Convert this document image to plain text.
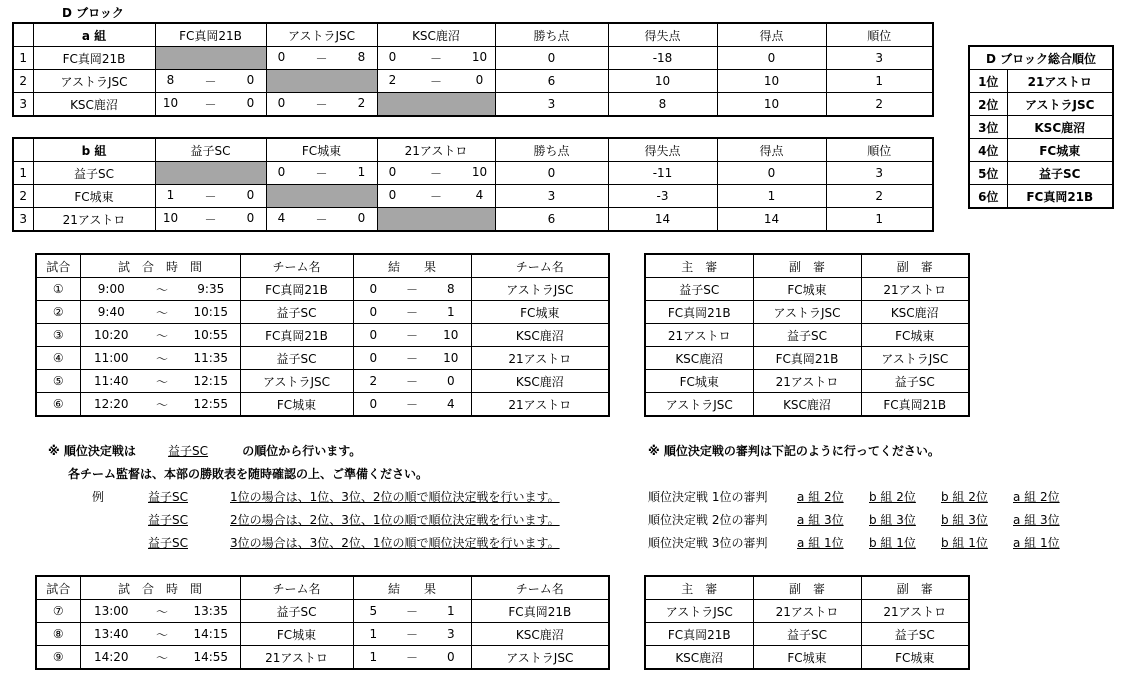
D ブロック
	a 組	FC真岡21B	アストラJSC	KSC鹿沼	勝ち点	得失点	得点	順位
1	FC真岡21B		0 － 8	0 － 10	0	-18	0	3
2	アストラJSC	8 － 0		2 － 0	6	10	10	1
3	KSC鹿沼	10 － 0	0 － 2		3	8	10	2
	b 組	益子SC	FC城東	21アストロ	勝ち点	得失点	得点	順位
1	益子SC		0 － 1	0 － 10	0	-11	0	3
2	FC城東	1 － 0		0 － 4	3	-3	1	2
3	21アストロ	10 － 0	4 － 0		6	14	14	1
D ブロック総合順位	
1位	21アストロ
2位	アストラJSC
3位	KSC鹿沼
4位	FC城東
5位	益子SC
6位	FC真岡21B
試合	試　合　時　間			チーム名	結　　果			チーム名
①	9:00	～	9:35	FC真岡21B	0	－	8	アストラJSC
②	9:40	～	10:15	益子SC	0	－	1	FC城東
③	10:20	～	10:55	FC真岡21B	0	－	10	KSC鹿沼
④	11:00	～	11:35	益子SC	0	－	10	21アストロ
⑤	11:40	～	12:15	アストラJSC	2	－	0	KSC鹿沼
⑥	12:20	～	12:55	FC城東	0	－	4	21アストロ
主　審	副　審	副　審
益子SC	FC城東	21アストロ
FC真岡21B	アストラJSC	KSC鹿沼
21アストロ	益子SC	FC城東
KSC鹿沼	FC真岡21B	アストラJSC
FC城東	21アストロ	益子SC
アストラJSC	KSC鹿沼	FC真岡21B
※ 順位決定戦は	益子SC	の順位から行います。
各チーム監督は、本部の勝敗表を随時確認の上、ご準備ください。
例	益子SC	1位の場合は、1位、3位、2位の順で順位決定戦を行います。
益子SC	2位の場合は、2位、3位、1位の順で順位決定戦を行います。
益子SC	3位の場合は、3位、2位、1位の順で順位決定戦を行います。
※ 順位決定戦の審判は下記のように行ってください。
順位決定戦 1位の審判 a 組 2位 b 組 2位 b 組 2位 a 組 2位
順位決定戦 2位の審判 a 組 3位 b 組 3位 b 組 3位 a 組 3位
順位決定戦 3位の審判 a 組 1位 b 組 1位 b 組 1位 a 組 1位
試合	試　合　時　間			チーム名	結　　果			チーム名
⑦	13:00	～	13:35	益子SC	5	－	1	FC真岡21B
⑧	13:40	～	14:15	FC城東	1	－	3	KSC鹿沼
⑨	14:20	～	14:55	21アストロ	1	－	0	アストラJSC
主　審	副　審	副　審
アストラJSC	21アストロ	21アストロ
FC真岡21B	益子SC	益子SC
KSC鹿沼	FC城東	FC城東
